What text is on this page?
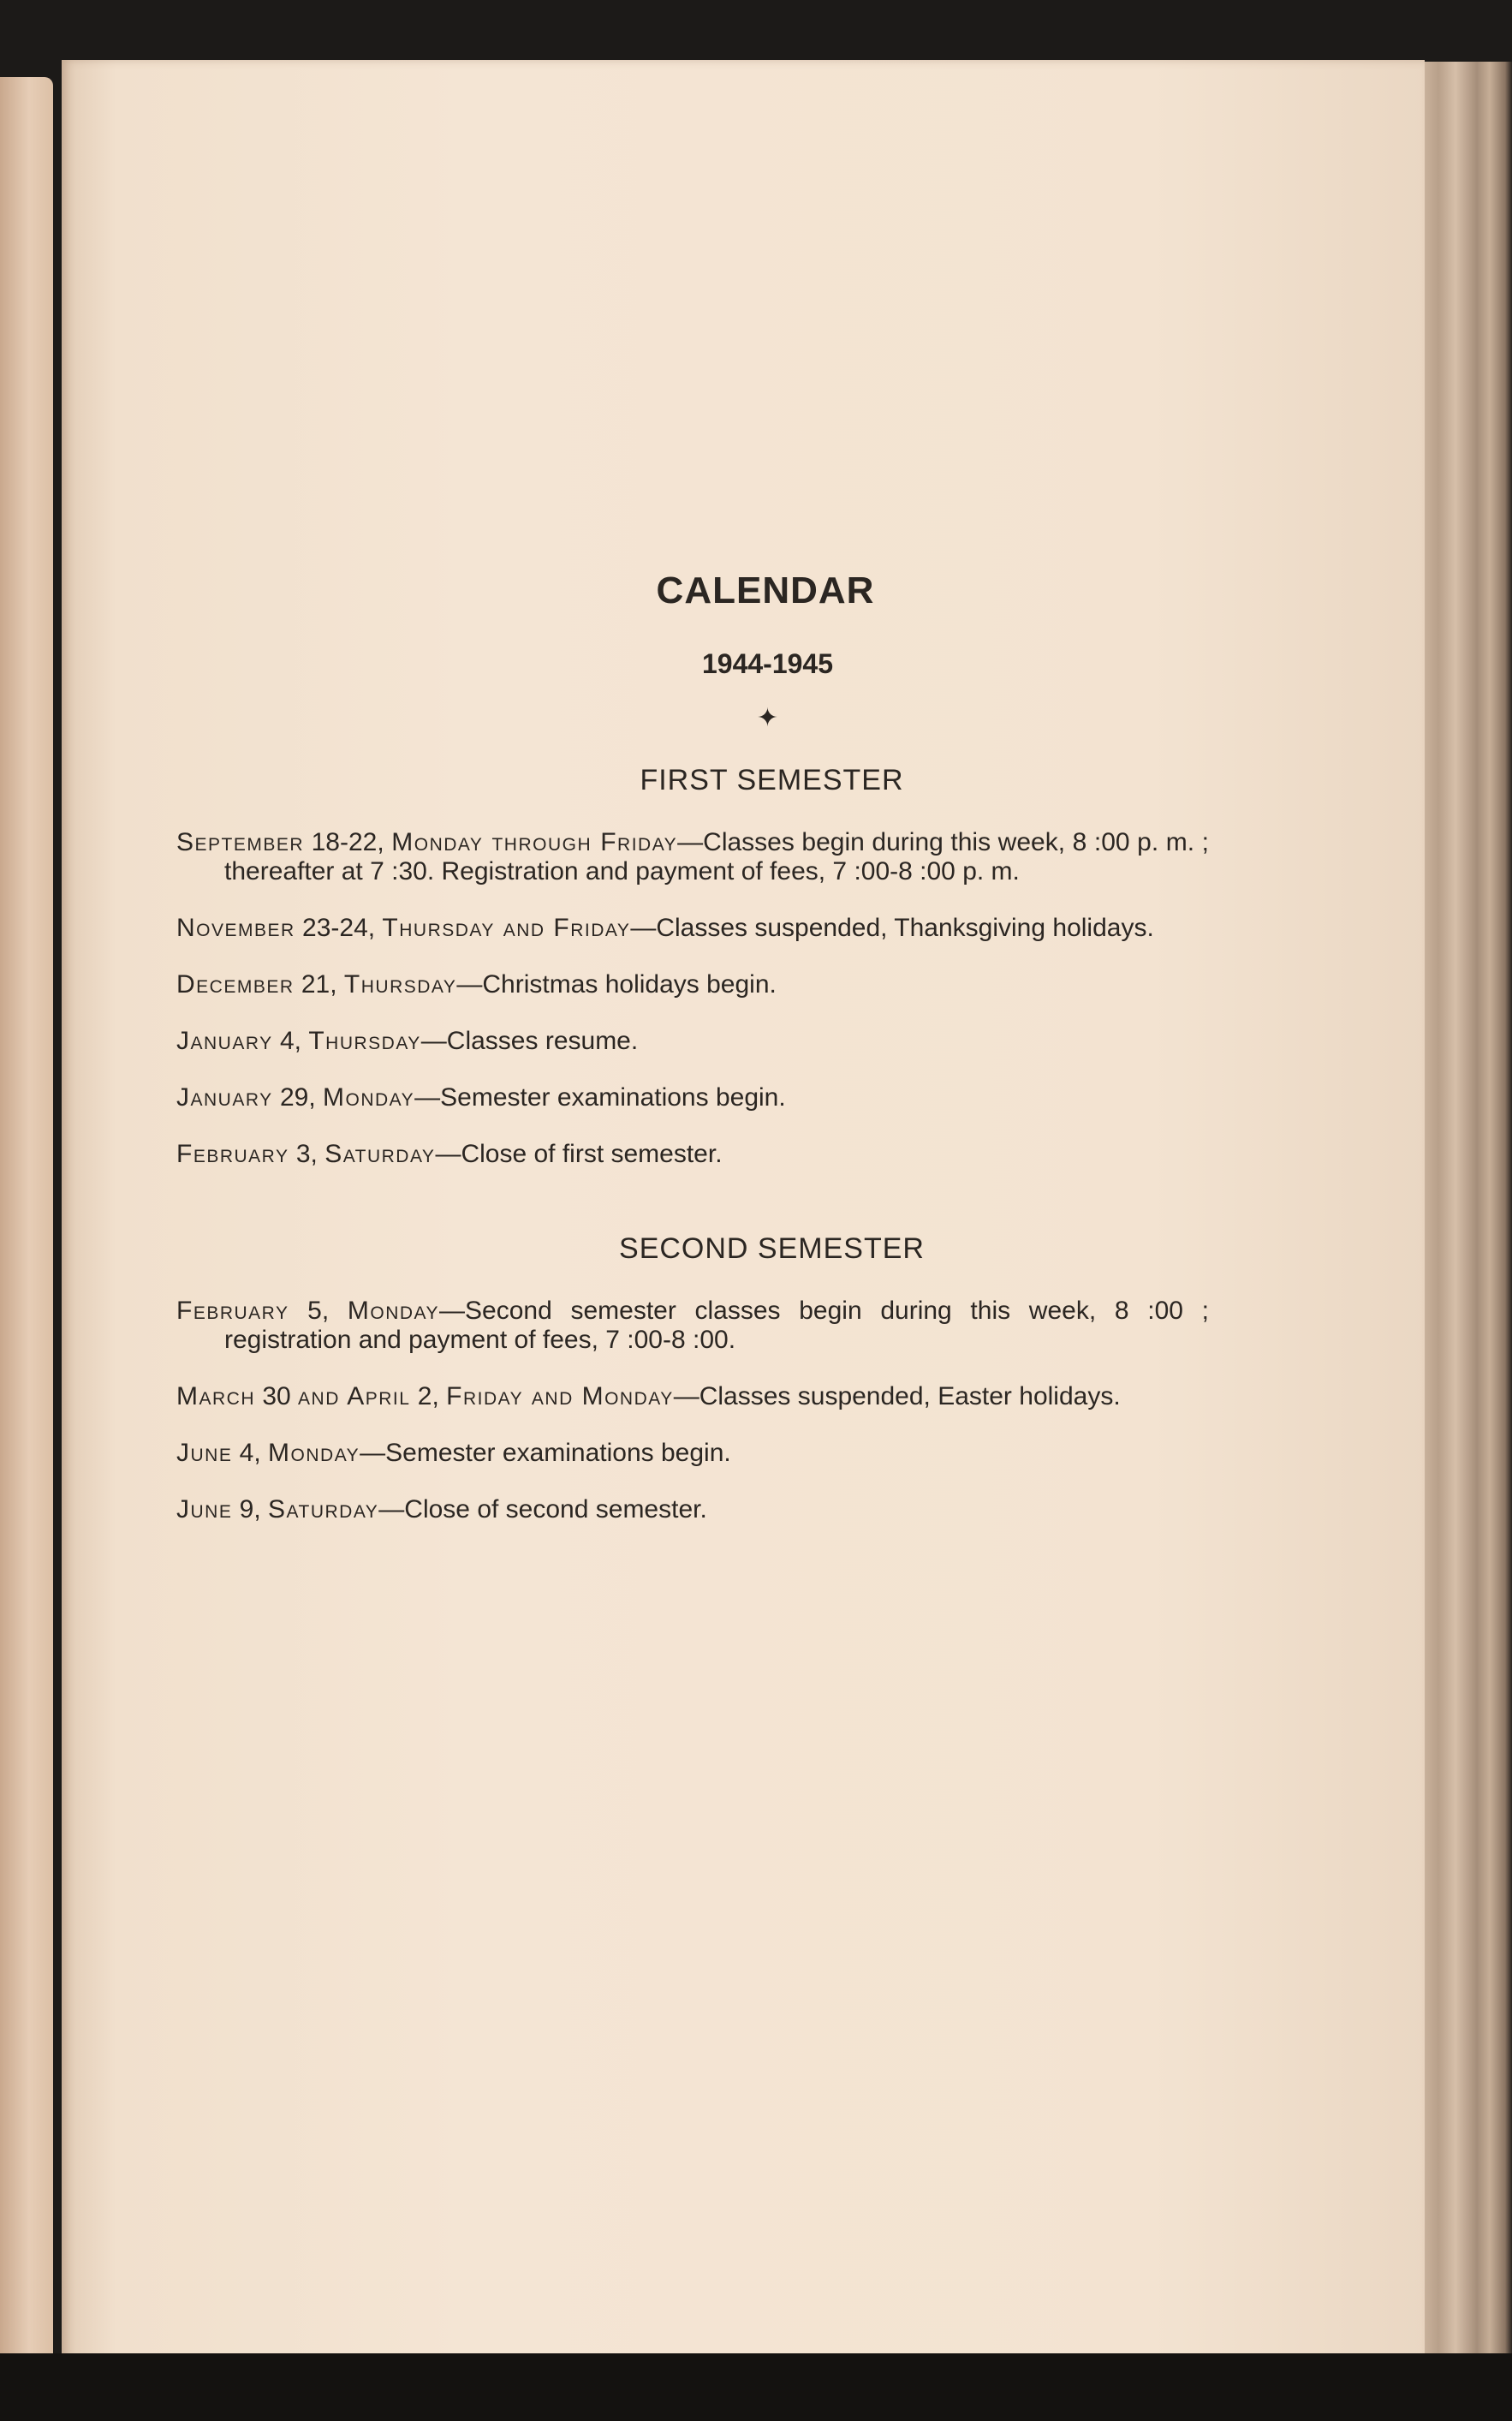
CALENDAR
1944-1945
✦
FIRST SEMESTER

September 18-22, Monday through Friday—Classes begin during this week, 8 :00 p. m. ; thereafter at 7 :30. Registration and payment of fees, 7 :00-8 :00 p. m.

November 23-24, Thursday and Friday—Classes suspended, Thanksgiving holidays.

December 21, Thursday—Christmas holidays begin.

January 4, Thursday—Classes resume.

January 29, Monday—Semester examinations begin.

February 3, Saturday—Close of first semester.

SECOND SEMESTER

February 5, Monday—Second semester classes begin during this week, 8 :00 ; registration and payment of fees, 7 :00-8 :00.

March 30 and April 2, Friday and Monday—Classes suspended, Easter holidays.

June 4, Monday—Semester examinations begin.

June 9, Saturday—Close of second semester.
